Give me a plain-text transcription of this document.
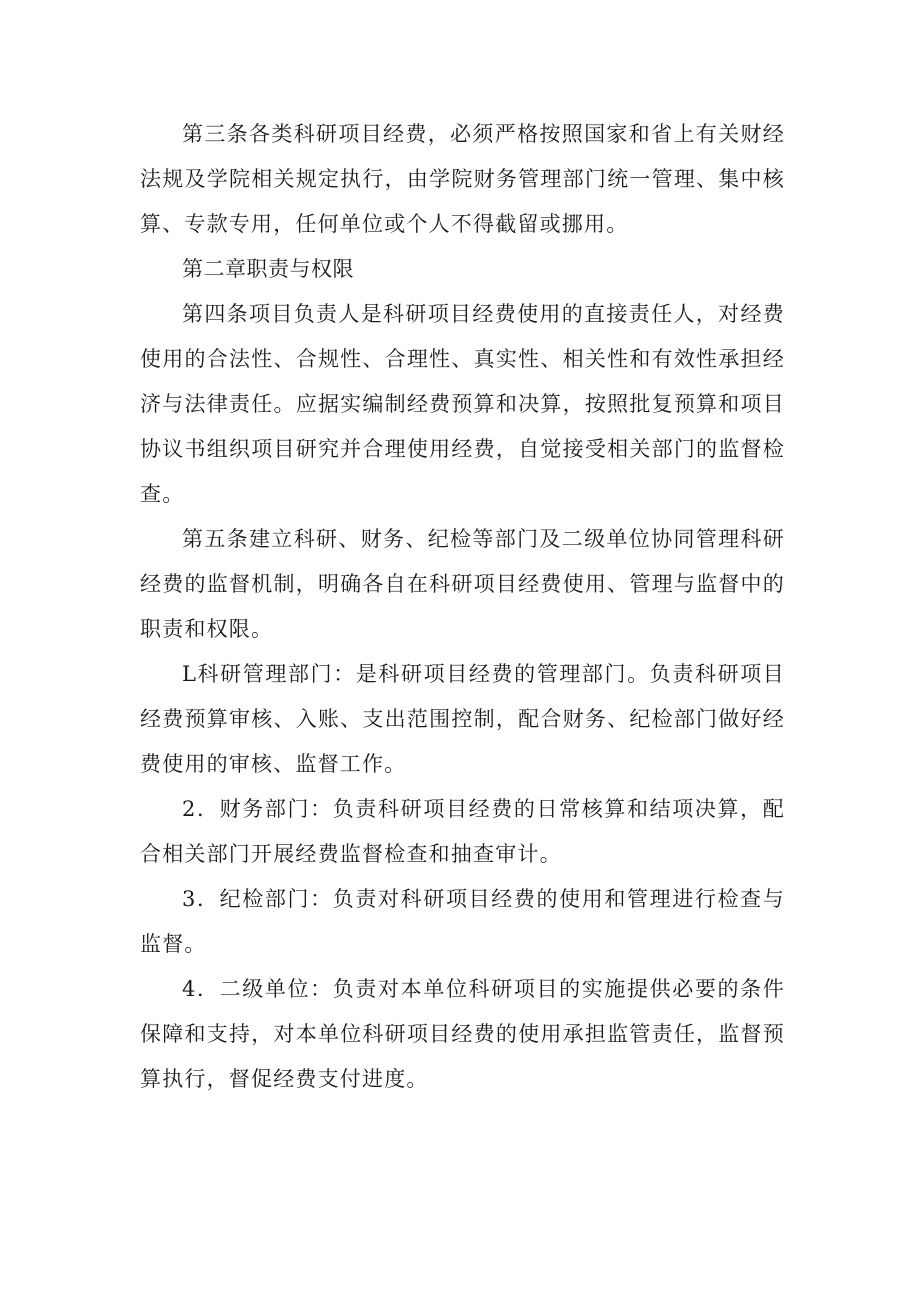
第三条各类科研项目经费，必须严格按照国家和省上有关财经法规及学院相关规定执行，由学院财务管理部门统一管理、集中核算、专款专用，任何单位或个人不得截留或挪用。

第二章职责与权限

第四条项目负责人是科研项目经费使用的直接责任人，对经费使用的合法性、合规性、合理性、真实性、相关性和有效性承担经济与法律责任。应据实编制经费预算和决算，按照批复预算和项目协议书组织项目研究并合理使用经费，自觉接受相关部门的监督检查。

第五条建立科研、财务、纪检等部门及二级单位协同管理科研经费的监督机制，明确各自在科研项目经费使用、管理与监督中的职责和权限。

L科研管理部门：是科研项目经费的管理部门。负责科研项目经费预算审核、入账、支出范围控制，配合财务、纪检部门做好经费使用的审核、监督工作。

2．财务部门：负责科研项目经费的日常核算和结项决算，配合相关部门开展经费监督检查和抽查审计。

3．纪检部门：负责对科研项目经费的使用和管理进行检查与监督。

4．二级单位：负责对本单位科研项目的实施提供必要的条件保障和支持，对本单位科研项目经费的使用承担监管责任，监督预算执行，督促经费支付进度。
